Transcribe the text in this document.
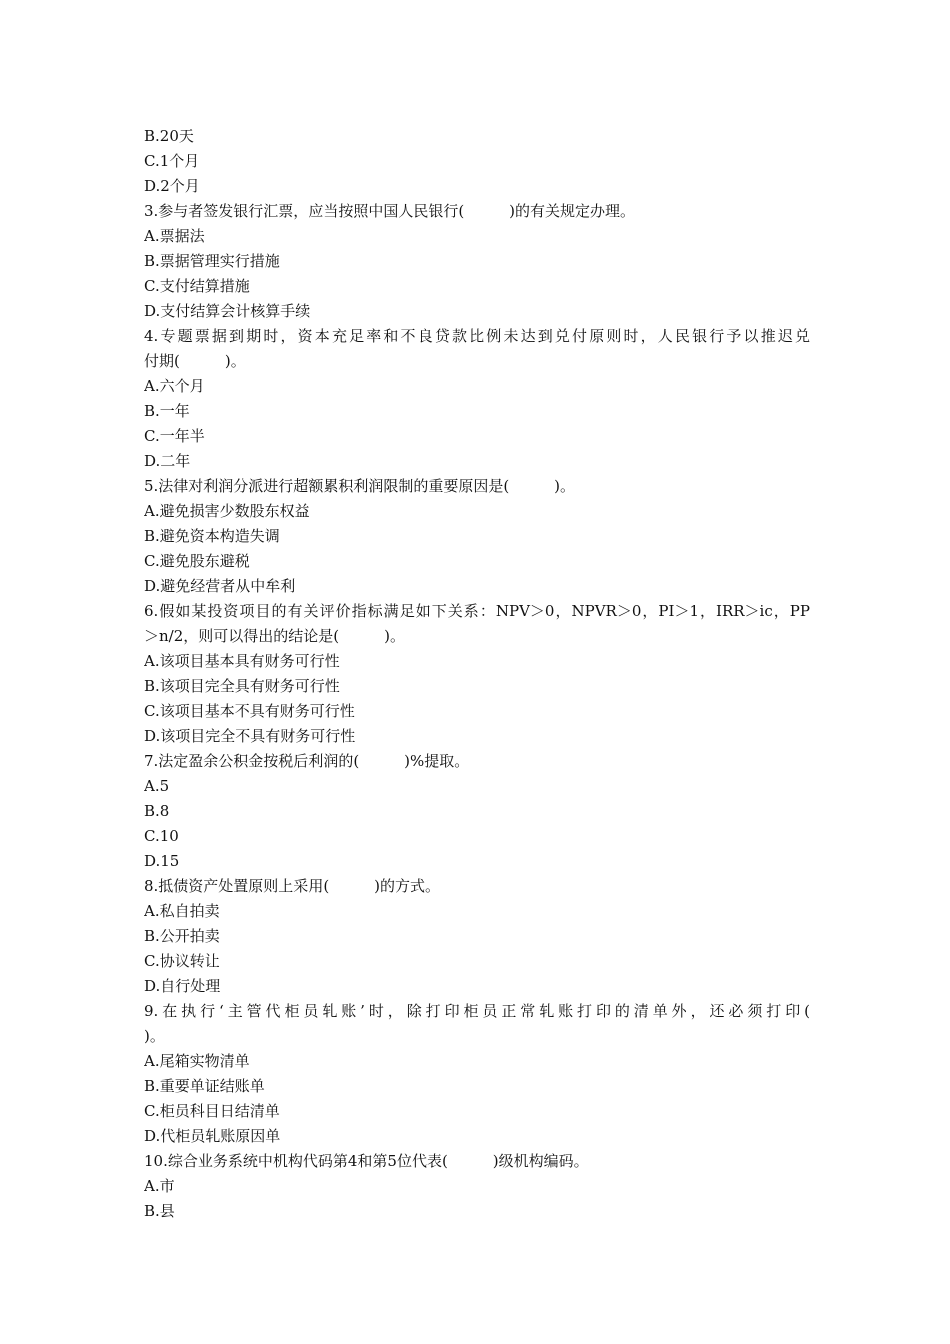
B.20天
C.1个月
D.2个月
3.参与者签发银行汇票，应当按照中国人民银行(　　　)的有关规定办理。
A.票据法
B.票据管理实行措施
C.支付结算措施
D.支付结算会计核算手续
4.专题票据到期时，资本充足率和不良贷款比例未达到兑付原则时，人民银行予以推迟兑
付期(　　　)。
A.六个月
B.一年
C.一年半
D.二年
5.法律对利润分派进行超额累积利润限制的重要原因是(　　　)。
A.避免损害少数股东权益
B.避免资本构造失调
C.避免股东避税
D.避免经营者从中牟利
6.假如某投资项目的有关评价指标满足如下关系：NPV＞0，NPVR＞0，PI＞1，IRR＞ic，PP
＞n/2，则可以得出的结论是(　　　)。
A.该项目基本具有财务可行性
B.该项目完全具有财务可行性
C.该项目基本不具有财务可行性
D.该项目完全不具有财务可行性
7.法定盈余公积金按税后利润的(　　　)%提取。
A.5
B.8
C.10
D.15
8.抵债资产处置原则上采用(　　　)的方式。
A.私自拍卖
B.公开拍卖
C.协议转让
D.自行处理
9.在执行‘主管代柜员轧账’时，除打印柜员正常轧账打印的清单外，还必须打印(
)。
A.尾箱实物清单
B.重要单证结账单
C.柜员科目日结清单
D.代柜员轧账原因单
10.综合业务系统中机构代码第4和第5位代表(　　　)级机构编码。
A.市
B.县
